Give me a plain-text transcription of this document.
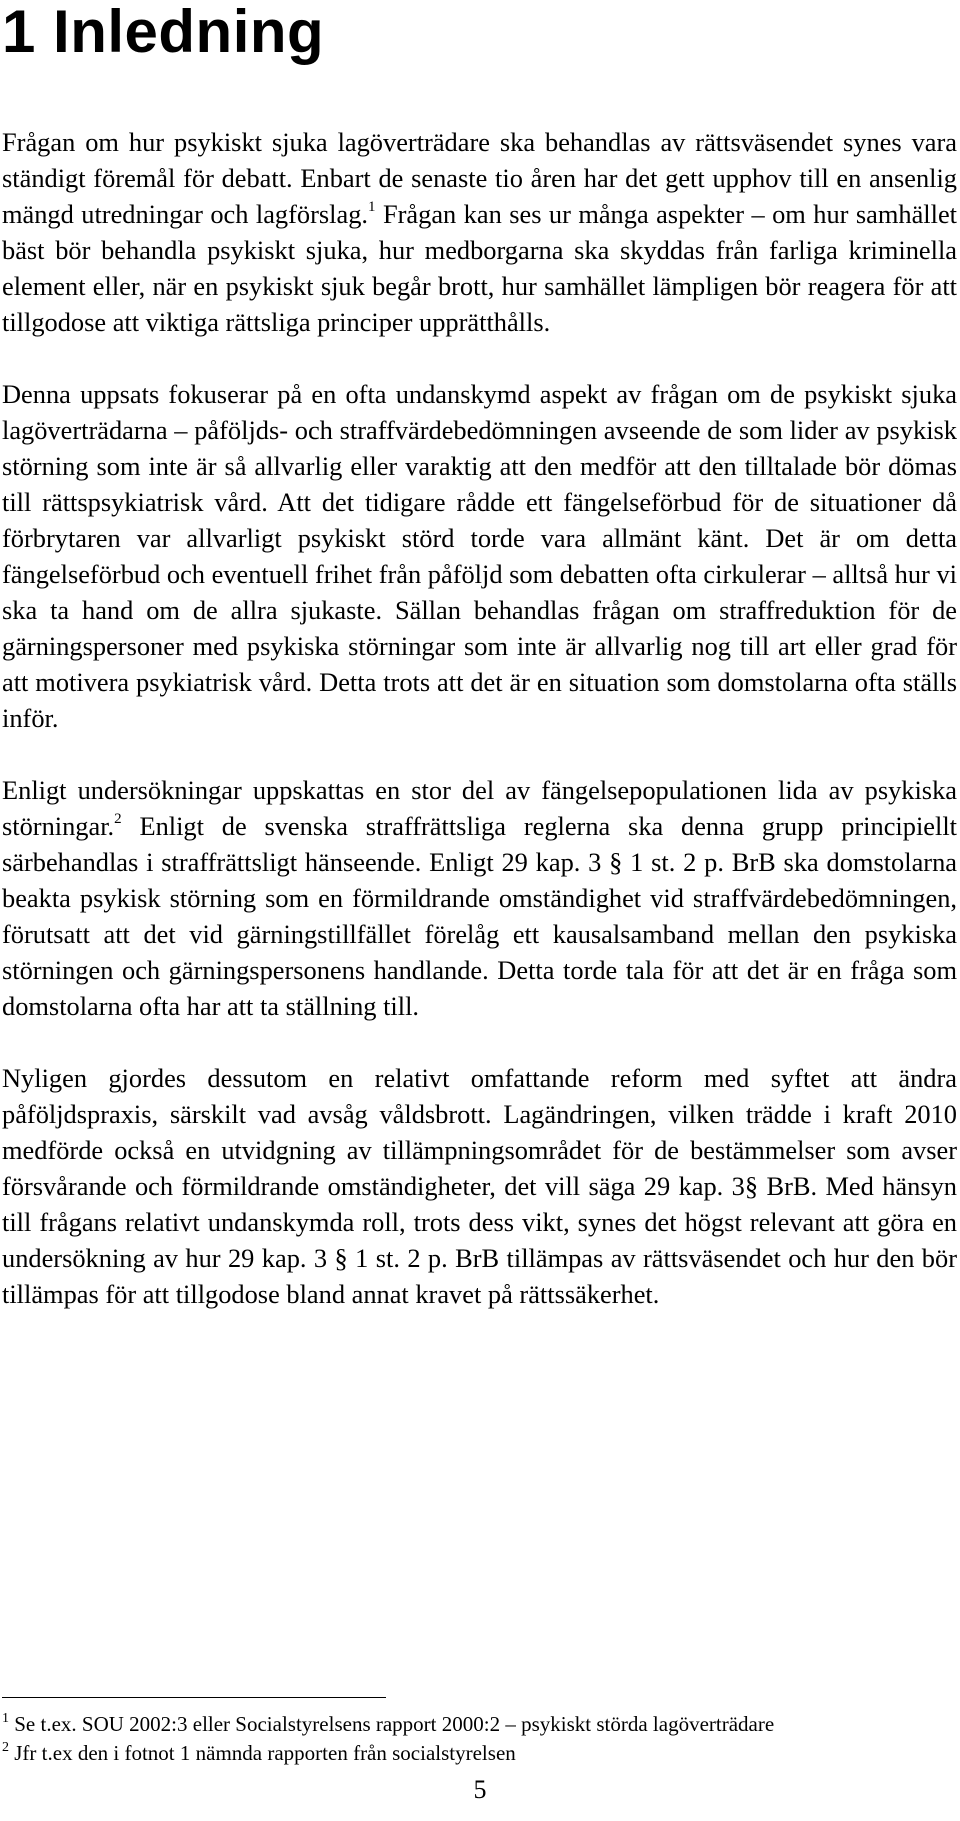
1 Inledning

Frågan om hur psykiskt sjuka lagöverträdare ska behandlas av rättsväsendet synes vara ständigt föremål för debatt. Enbart de senaste tio åren har det gett upphov till en ansenlig mängd utredningar och lagförslag.$^1$ Frågan kan ses ur många aspekter – om hur samhället bäst bör behandla psykiskt sjuka, hur medborgarna ska skyddas från farliga kriminella element eller, när en psykiskt sjuk begår brott, hur samhället lämpligen bör reagera för att tillgodose att viktiga rättsliga principer upprätthålls.

Denna uppsats fokuserar på en ofta undanskymd aspekt av frågan om de psykiskt sjuka lagöverträdarna – påföljds- och straffvärdebedömningen avseende de som lider av psykisk störning som inte är så allvarlig eller varaktig att den medför att den tilltalade bör dömas till rättspsykiatrisk vård. Att det tidigare rådde ett fängelseförbud för de situationer då förbrytaren var allvarligt psykiskt störd torde vara allmänt känt. Det är om detta fängelseförbud och eventuell frihet från påföljd som debatten ofta cirkulerar – alltså hur vi ska ta hand om de allra sjukaste. Sällan behandlas frågan om straffreduktion för de gärningspersoner med psykiska störningar som inte är allvarlig nog till art eller grad för att motivera psykiatrisk vård. Detta trots att det är en situation som domstolarna ofta ställs inför.

Enligt undersökningar uppskattas en stor del av fängelsepopulationen lida av psykiska störningar.$^2$ Enligt de svenska straffrättsliga reglerna ska denna grupp principiellt särbehandlas i straffrättsligt hänseende. Enligt 29 kap. 3 § 1 st. 2 p. BrB ska domstolarna beakta psykisk störning som en förmildrande omständighet vid straffvärdebedömningen, förutsatt att det vid gärningstillfället förelåg ett kausalsamband mellan den psykiska störningen och gärningspersonens handlande. Detta torde tala för att det är en fråga som domstolarna ofta har att ta ställning till.

Nyligen gjordes dessutom en relativt omfattande reform med syftet att ändra påföljdspraxis, särskilt vad avsåg våldsbrott. Lagändringen, vilken trädde i kraft 2010 medförde också en utvidgning av tillämpningsområdet för de bestämmelser som avser försvårande och förmildrande omständigheter, det vill säga 29 kap. 3§ BrB. Med hänsyn till frågans relativt undanskymda roll, trots dess vikt, synes det högst relevant att göra en undersökning av hur 29 kap. 3 § 1 st. 2 p. BrB tillämpas av rättsväsendet och hur den bör tillämpas för att tillgodose bland annat kravet på rättssäkerhet.

$^1$ Se t.ex. SOU 2002:3 eller Socialstyrelsens rapport 2000:2 – psykiskt störda lagöverträdare
$^2$ Jfr t.ex den i fotnot 1 nämnda rapporten från socialstyrelsen
5
